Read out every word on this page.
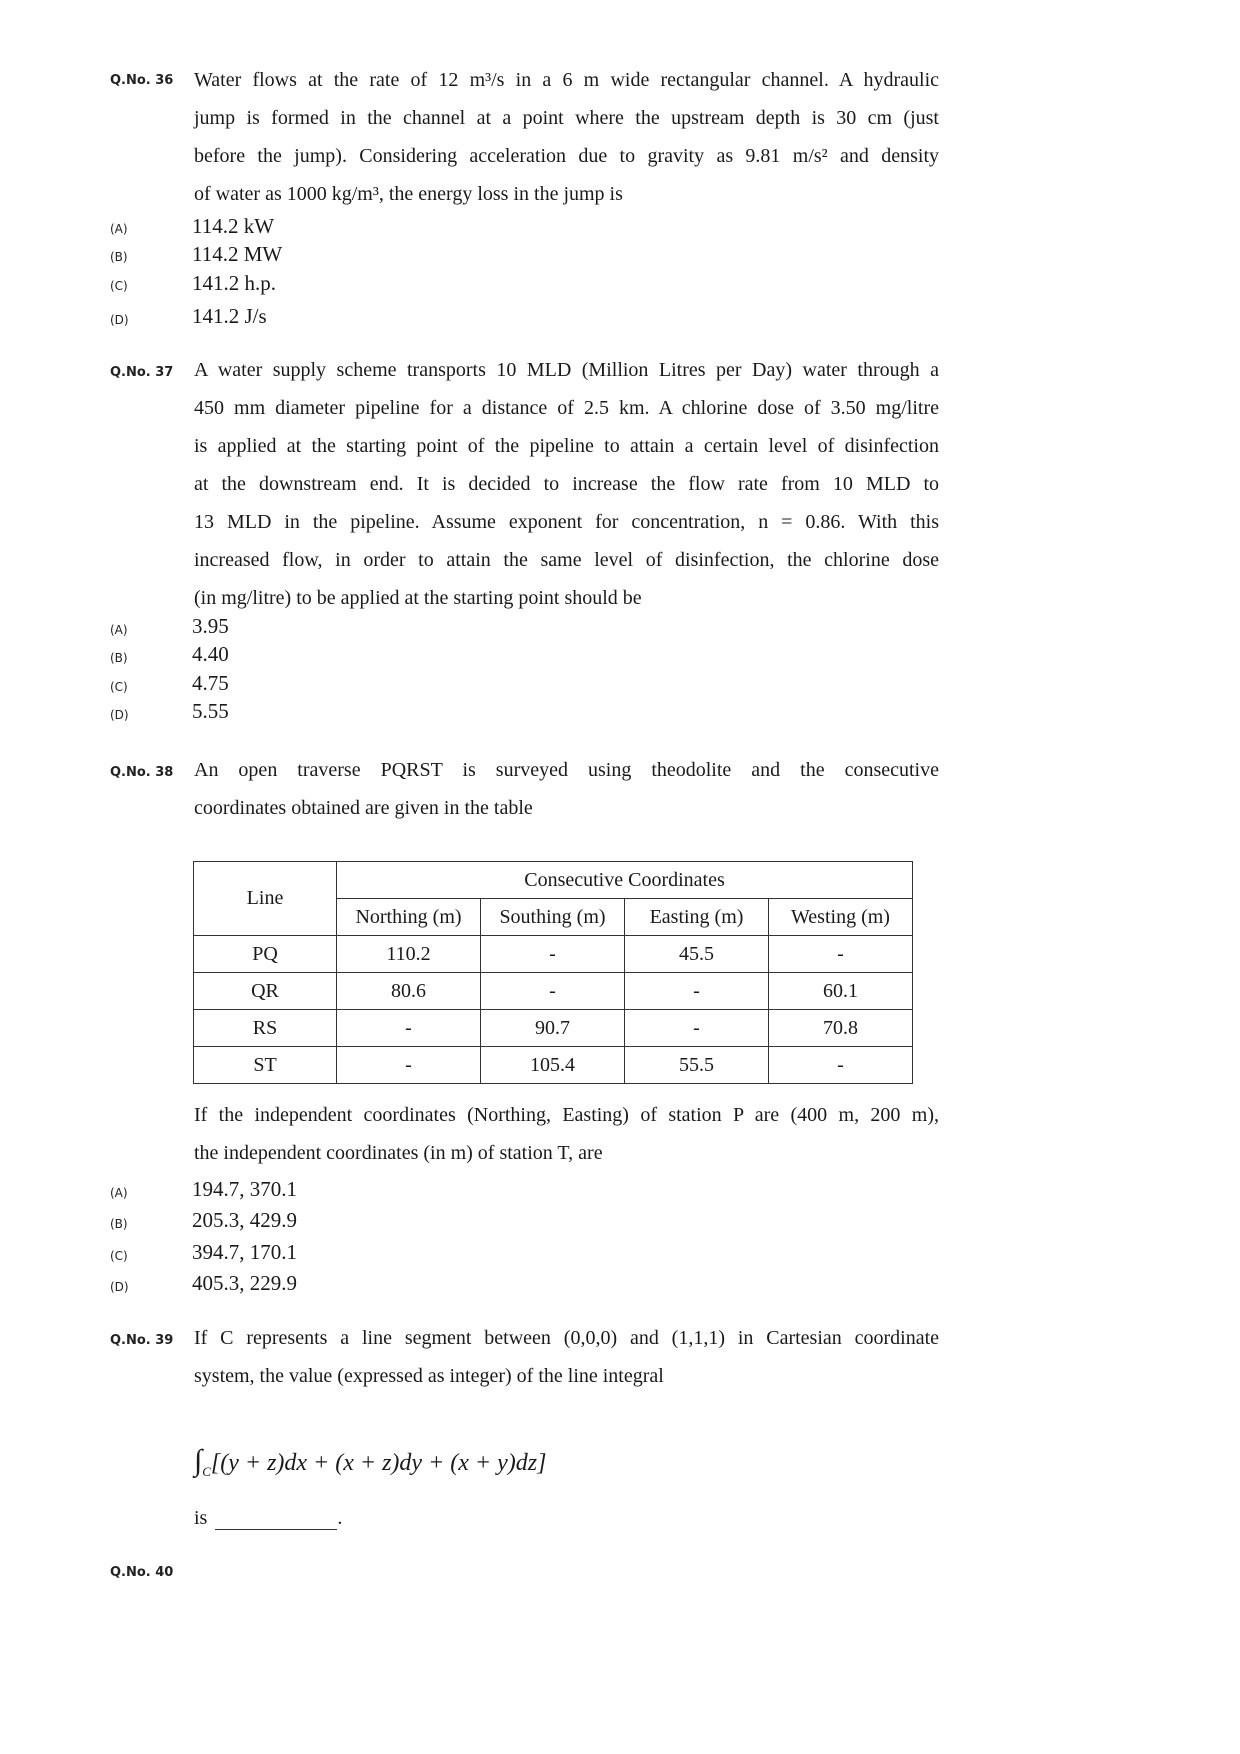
Q.No. 36 Water flows at the rate of 12 m³/s in a 6 m wide rectangular channel. A hydraulic
jump is formed in the channel at a point where the upstream depth is 30 cm (just
before the jump). Considering acceleration due to gravity as 9.81 m/s² and density
of water as 1000 kg/m³, the energy loss in the jump is
(A)	114.2 kW
(B)	114.2 MW
(C)	141.2 h.p.
(D)	141.2 J/s
Q.No. 37 A water supply scheme transports 10 MLD (Million Litres per Day) water through a
450 mm diameter pipeline for a distance of 2.5 km. A chlorine dose of 3.50 mg/litre
is applied at the starting point of the pipeline to attain a certain level of disinfection
at the downstream end. It is decided to increase the flow rate from 10 MLD to
13 MLD in the pipeline. Assume exponent for concentration, n = 0.86. With this
increased flow, in order to attain the same level of disinfection, the chlorine dose
(in mg/litre) to be applied at the starting point should be
(A)	3.95
(B)	4.40
(C)	4.75
(D)	5.55
Q.No. 38 An open traverse PQRST is surveyed using theodolite and the consecutive
coordinates obtained are given in the table
Line	Consecutive Coordinates			
	Northing (m)	Southing (m)	Easting (m)	Westing (m)
PQ	110.2	-	45.5	-
QR	80.6	-	-	60.1
RS	-	90.7	-	70.8
ST	-	105.4	55.5	-
If the independent coordinates (Northing, Easting) of station P are (400 m, 200 m),
the independent coordinates (in m) of station T, are
(A)	194.7, 370.1
(B)	205.3, 429.9
(C)	394.7, 170.1
(D)	405.3, 229.9
Q.No. 39 If C represents a line segment between (0,0,0) and (1,1,1) in Cartesian coordinate
system, the value (expressed as integer) of the line integral
$\int_C[(y + z)dx + (x + z)dy + (x + y)dz]$
is	.
Q.No. 40
